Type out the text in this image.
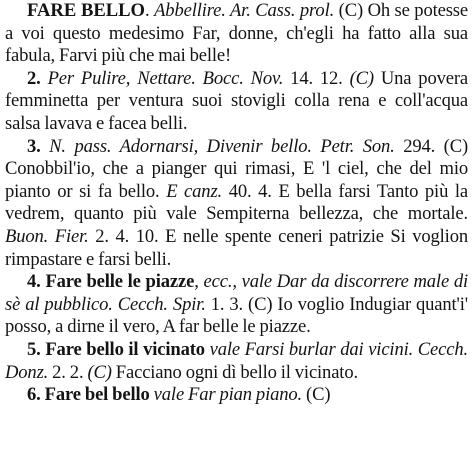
FARE BELLO. Abbellire. Ar. Cass. prol. (C) Oh se potesse a voi questo medesimo Far, donne, ch'egli ha fatto alla sua fabula, Farvi più che mai belle!

2. Per Pulire, Nettare. Bocc. Nov. 14. 12. (C) Una povera femminetta per ventura suoi stovigli colla rena e coll'acqua salsa lavava e facea belli.

3. N. pass. Adornarsi, Divenir bello. Petr. Son. 294. (C) Conobbil'io, che a pianger qui rimasi, E 'l ciel, che del mio pianto or si fa bello. E canz. 40. 4. E bella farsi Tanto più la vedrem, quanto più vale Sempiterna bellezza, che mortale. Buon. Fier. 2. 4. 10. E nelle spente ceneri patrizie Si voglion rimpastare e farsi belli.

4. Fare belle le piazze, ecc., vale Dar da discorrere male di sè al pubblico. Cecch. Spir. 1. 3. (C) Io voglio Indugiar quant'i' posso, a dirne il vero, A far belle le piazze.

5. Fare bello il vicinato vale Farsi burlar dai vicini. Cecch. Donz. 2. 2. (C) Facciano ogni dì bello il vicinato.

6. Fare bel bello vale Far pian piano. (C)
